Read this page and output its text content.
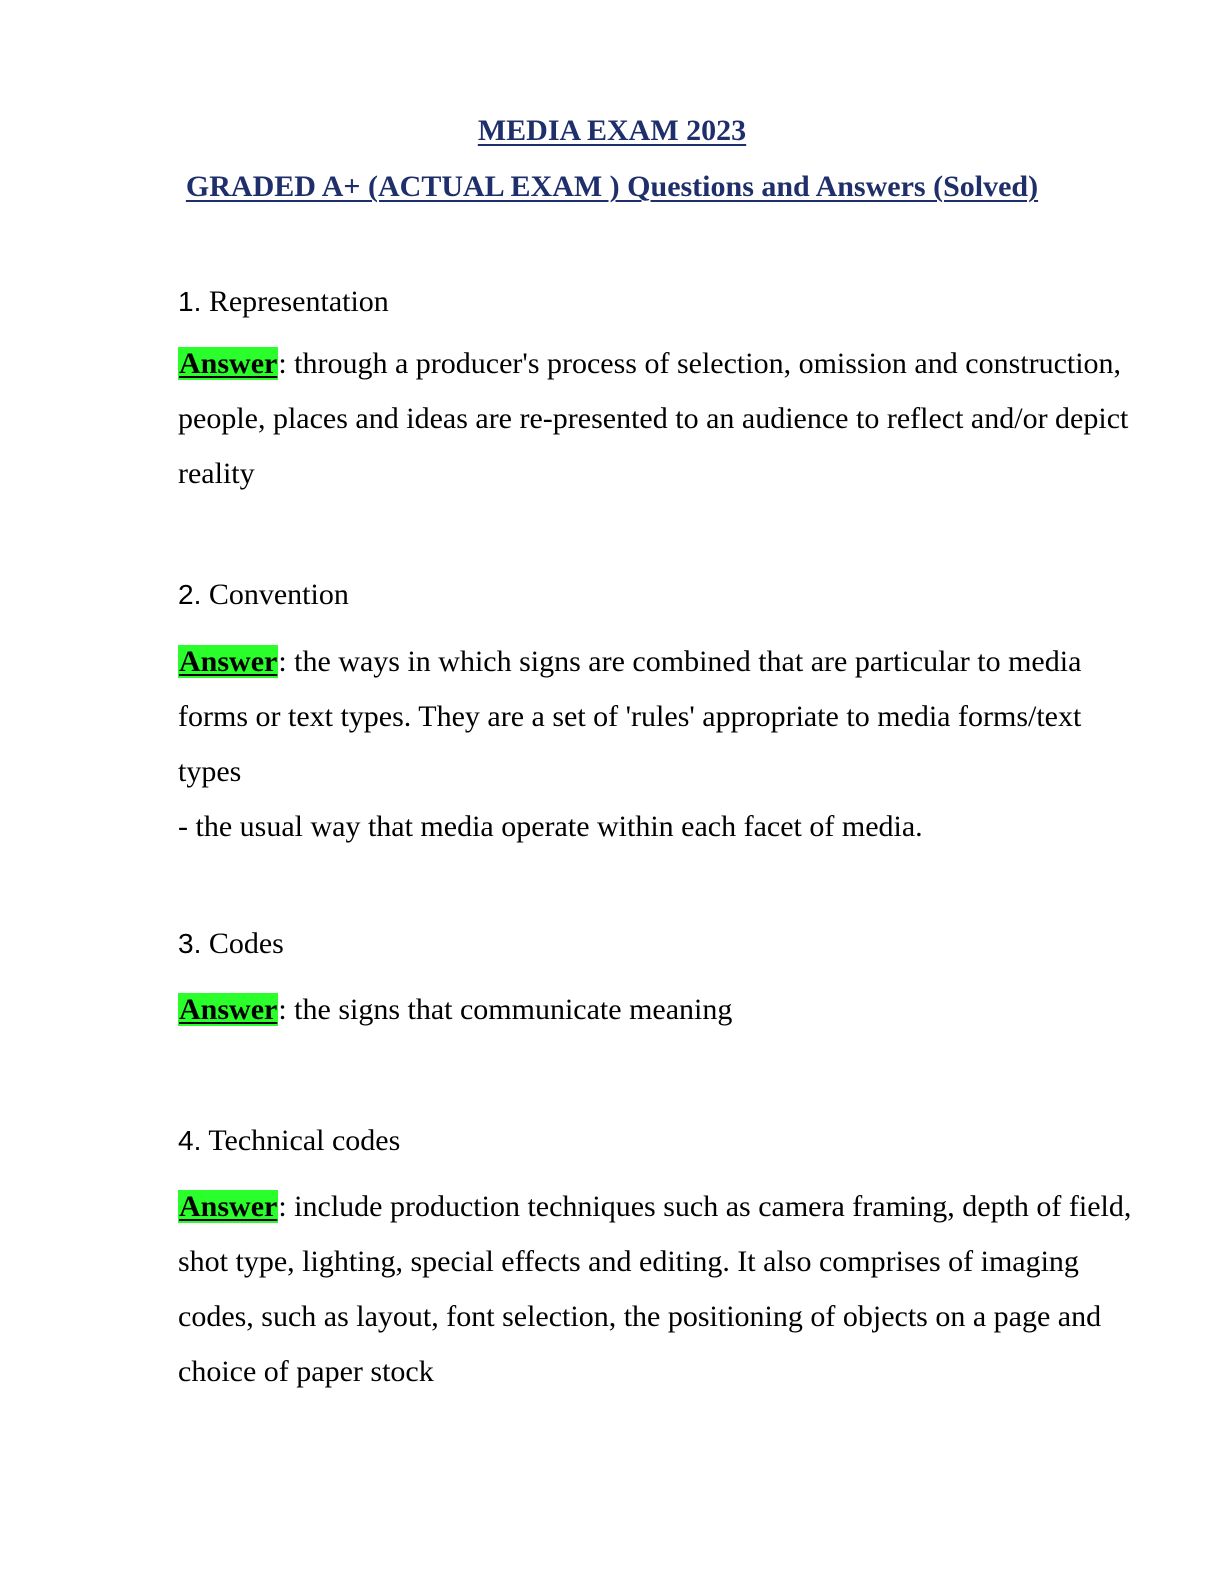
MEDIA EXAM 2023
GRADED A+ (ACTUAL EXAM ) Questions and Answers (Solved)

1. Representation

Answer: through a producer's process of selection, omission and construction, people, places and ideas are re-presented to an audience to reflect and/or depict reality

2. Convention

Answer: the ways in which signs are combined that are particular to media forms or text types. They are a set of 'rules' appropriate to media forms/text types
- the usual way that media operate within each facet of media.

3. Codes

Answer: the signs that communicate meaning

4. Technical codes

Answer: include production techniques such as camera framing, depth of field, shot type, lighting, special effects and editing. It also comprises of imaging codes, such as layout, font selection, the positioning of objects on a page and choice of paper stock
